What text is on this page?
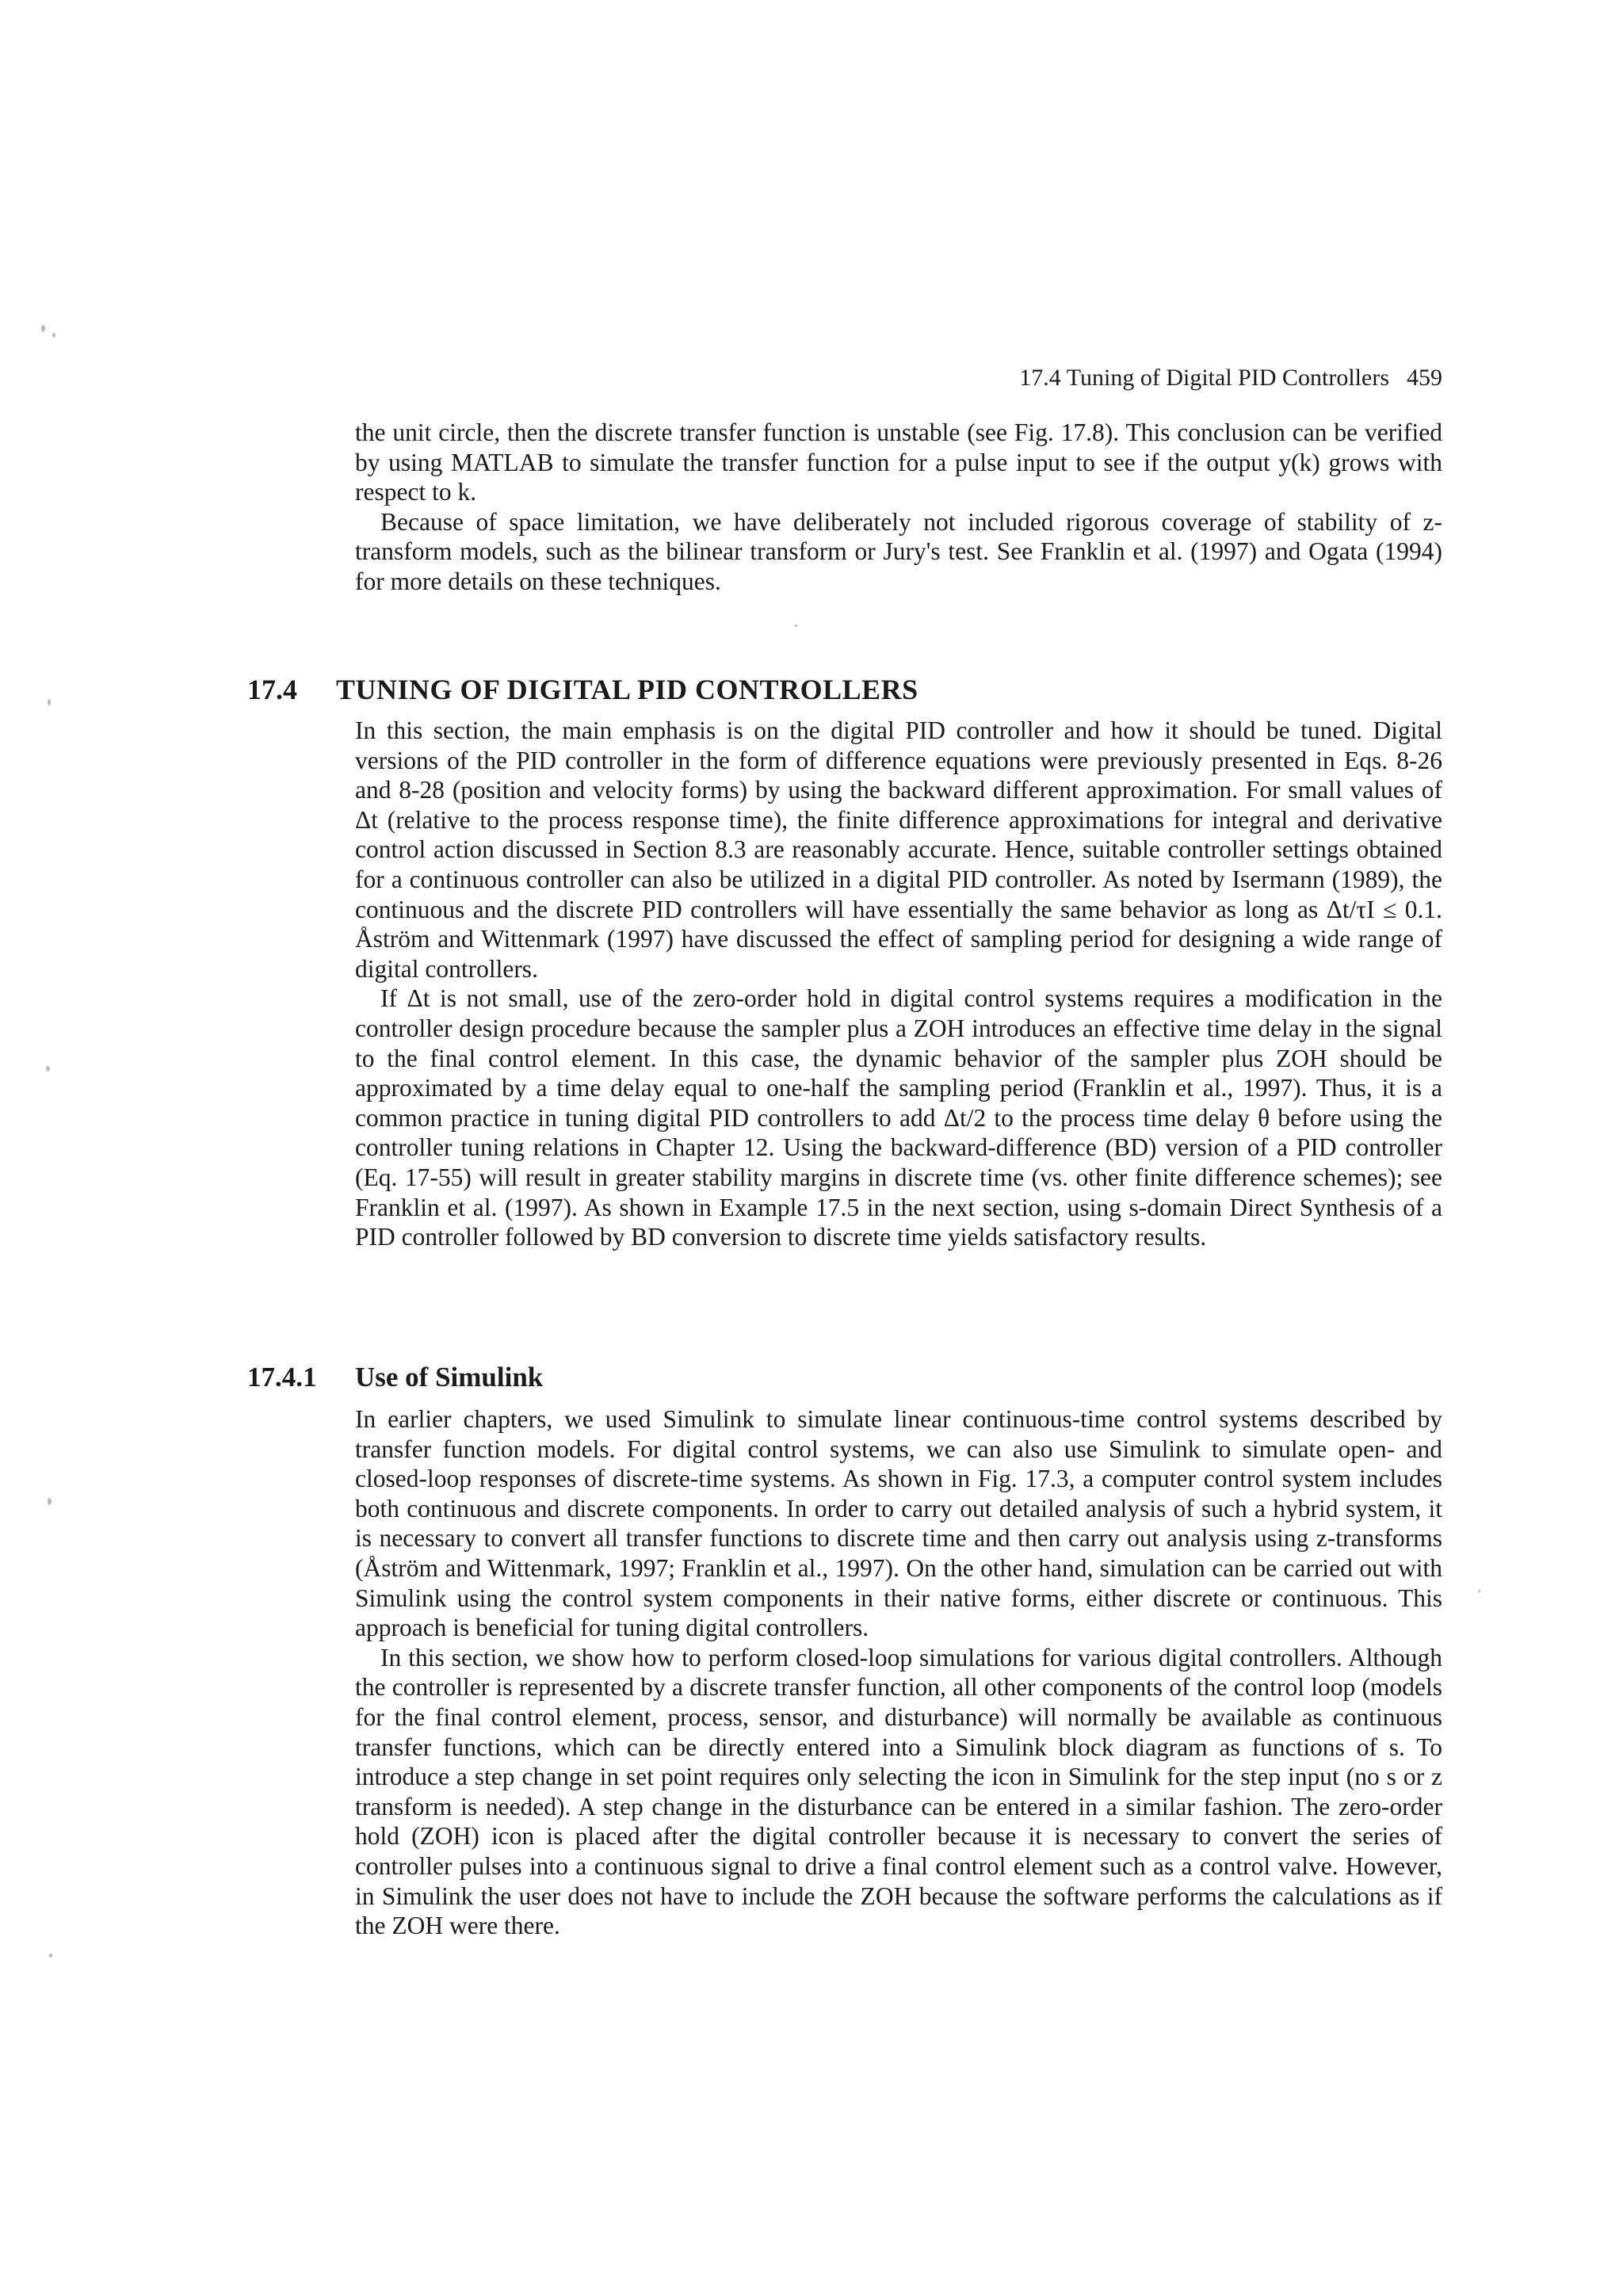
17.4 Tuning of Digital PID Controllers 459

the unit circle, then the discrete transfer function is unstable (see Fig. 17.8). This conclusion can be verified by using MATLAB to simulate the transfer function for a pulse input to see if the output y(k) grows with respect to k.

Because of space limitation, we have deliberately not included rigorous coverage of stability of z-transform models, such as the bilinear transform or Jury's test. See Franklin et al. (1997) and Ogata (1994) for more details on these techniques.

17.4 TUNING OF DIGITAL PID CONTROLLERS

In this section, the main emphasis is on the digital PID controller and how it should be tuned. Digital versions of the PID controller in the form of difference equations were previously presented in Eqs. 8-26 and 8-28 (position and velocity forms) by using the backward different approximation. For small values of Δt (relative to the process response time), the finite difference approximations for integral and derivative control action discussed in Section 8.3 are reasonably accurate. Hence, suitable controller settings obtained for a continuous controller can also be utilized in a digital PID controller. As noted by Isermann (1989), the continuous and the discrete PID controllers will have essentially the same behavior as long as Δt/τI ≤ 0.1. Åström and Wittenmark (1997) have discussed the effect of sampling period for designing a wide range of digital controllers.

If Δt is not small, use of the zero-order hold in digital control systems requires a modification in the controller design procedure because the sampler plus a ZOH introduces an effective time delay in the signal to the final control element. In this case, the dynamic behavior of the sampler plus ZOH should be approximated by a time delay equal to one-half the sampling period (Franklin et al., 1997). Thus, it is a common practice in tuning digital PID controllers to add Δt/2 to the process time delay θ before using the controller tuning relations in Chapter 12. Using the backward-difference (BD) version of a PID controller (Eq. 17-55) will result in greater stability margins in discrete time (vs. other finite difference schemes); see Franklin et al. (1997). As shown in Example 17.5 in the next section, using s-domain Direct Synthesis of a PID controller followed by BD conversion to discrete time yields satisfactory results.

17.4.1 Use of Simulink

In earlier chapters, we used Simulink to simulate linear continuous-time control systems described by transfer function models. For digital control systems, we can also use Simulink to simulate open- and closed-loop responses of discrete-time systems. As shown in Fig. 17.3, a computer control system includes both continuous and discrete components. In order to carry out detailed analysis of such a hybrid system, it is necessary to convert all transfer functions to discrete time and then carry out analysis using z-transforms (Åström and Wittenmark, 1997; Franklin et al., 1997). On the other hand, simulation can be carried out with Simulink using the control system components in their native forms, either discrete or continuous. This approach is beneficial for tuning digital controllers.

In this section, we show how to perform closed-loop simulations for various digital controllers. Although the controller is represented by a discrete transfer function, all other components of the control loop (models for the final control element, process, sensor, and disturbance) will normally be available as continuous transfer functions, which can be directly entered into a Simulink block diagram as functions of s. To introduce a step change in set point requires only selecting the icon in Simulink for the step input (no s or z transform is needed). A step change in the disturbance can be entered in a similar fashion. The zero-order hold (ZOH) icon is placed after the digital controller because it is necessary to convert the series of controller pulses into a continuous signal to drive a final control element such as a control valve. However, in Simulink the user does not have to include the ZOH because the software performs the calculations as if the ZOH were there.
